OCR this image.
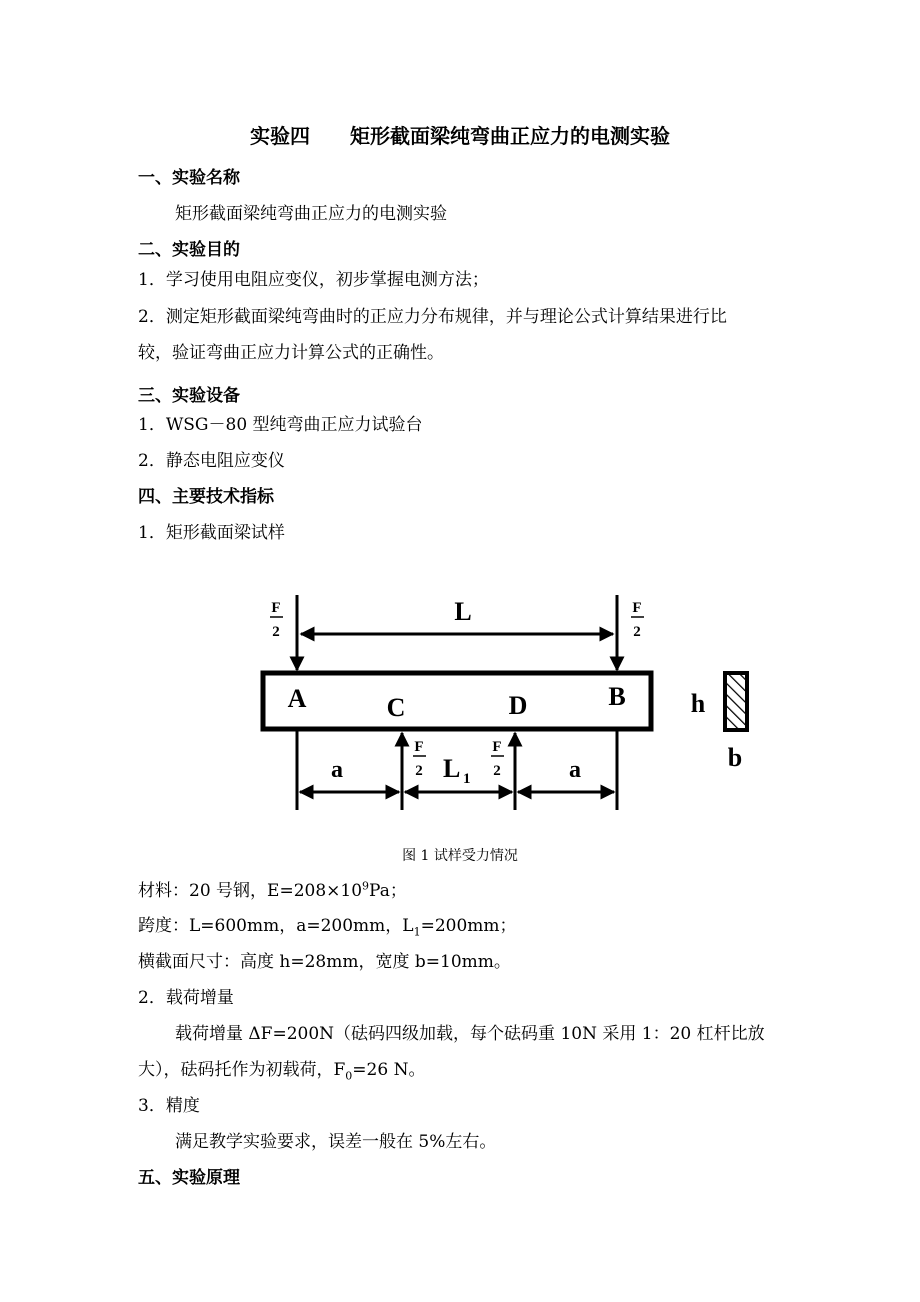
实验四 矩形截面梁纯弯曲正应力的电测实验
一、实验名称
矩形截面梁纯弯曲正应力的电测实验
二、实验目的
1．学习使用电阻应变仪，初步掌握电测方法；
2．测定矩形截面梁纯弯曲时的正应力分布规律，并与理论公式计算结果进行比
较，验证弯曲正应力计算公式的正确性。
三、实验设备
1．WSG－80 型纯弯曲正应力试验台
2．静态电阻应变仪
四、主要技术指标
1．矩形截面梁试样
F
2
F
2
F
2
F
2
L
a	a
L 1
A	C	D	B	h
b
图 1 试样受力情况
材料：20 号钢，$E=208\times 10^9Pa$；
跨度：L=600mm，a=200mm，$L_1=200mm$；
横截面尺寸：高度 h=28mm，宽度 b=10mm。
2．载荷增量
载荷增量 ΔF=200N（砝码四级加载，每个砝码重 10N 采用 1：20 杠杆比放
大），砝码托作为初载荷，$F_0=26$ N。
3．精度
满足教学实验要求，误差一般在 5%左右。
五、实验原理
